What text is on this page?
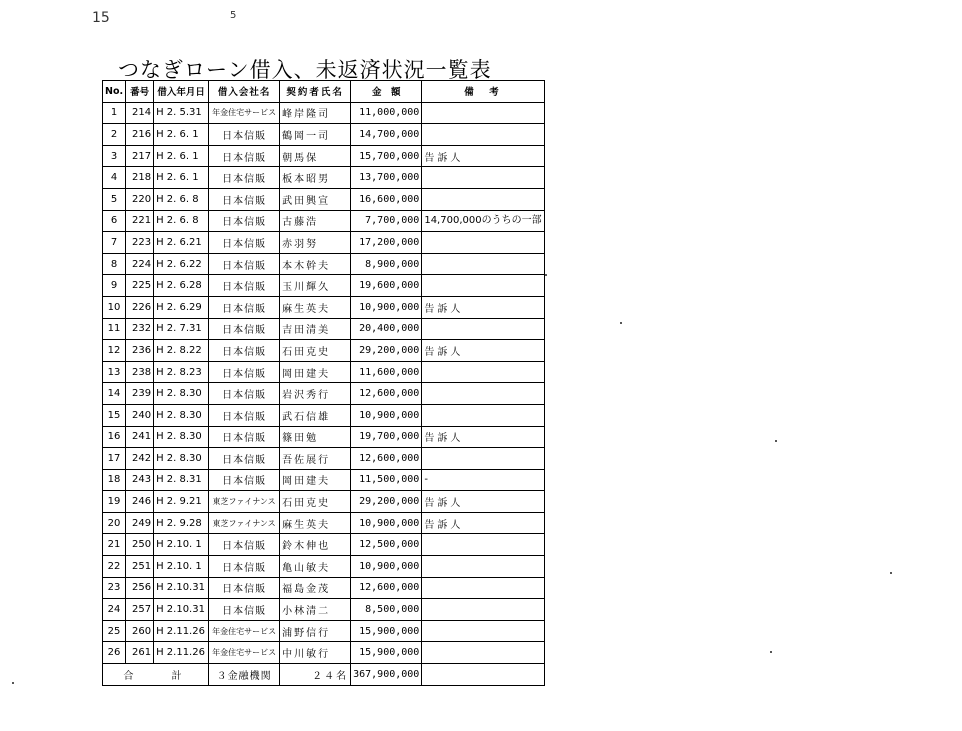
15	5
つなぎローン借入、未返済状況一覧表
No.	番号	借入年月日	借入会社名	契約者氏名	金　額	備　考
1	214	H 2. 5.31	年金住宅サービス	峰岸隆司	11,000,000	
2	216	H 2. 6. 1	日本信販	鶴岡一司	14,700,000	
3	217	H 2. 6. 1	日本信販	朝馬保	15,700,000	告訴人
4	218	H 2. 6. 1	日本信販	板本昭男	13,700,000	
5	220	H 2. 6. 8	日本信販	武田興宣	16,600,000	
6	221	H 2. 6. 8	日本信販	古藤浩	7,700,000	14,700,000のうちの一部
7	223	H 2. 6.21	日本信販	赤羽努	17,200,000	
8	224	H 2. 6.22	日本信販	本木幹夫	8,900,000	
9	225	H 2. 6.28	日本信販	玉川輝久	19,600,000	
10	226	H 2. 6.29	日本信販	麻生英夫	10,900,000	告訴人
11	232	H 2. 7.31	日本信販	吉田清美	20,400,000	
12	236	H 2. 8.22	日本信販	石田克史	29,200,000	告訴人
13	238	H 2. 8.23	日本信販	岡田建夫	11,600,000	
14	239	H 2. 8.30	日本信販	岩沢秀行	12,600,000	
15	240	H 2. 8.30	日本信販	武石信雄	10,900,000	
16	241	H 2. 8.30	日本信販	篠田勉	19,700,000	告訴人
17	242	H 2. 8.30	日本信販	吾佐展行	12,600,000	
18	243	H 2. 8.31	日本信販	岡田建夫	11,500,000	-
19	246	H 2. 9.21	東芝ファイナンス	石田克史	29,200,000	告訴人
20	249	H 2. 9.28	東芝ファイナンス	麻生英夫	10,900,000	告訴人
21	250	H 2.10. 1	日本信販	鈴木伸也	12,500,000	
22	251	H 2.10. 1	日本信販	亀山敏夫	10,900,000	
23	256	H 2.10.31	日本信販	福島金茂	12,600,000	
24	257	H 2.10.31	日本信販	小林清二	8,500,000	
25	260	H 2.11.26	年金住宅サービス	浦野信行	15,900,000	
26	261	H 2.11.26	年金住宅サービス	中川敏行	15,900,000	
合　　計			３金融機関	２４名	367,900,000	
